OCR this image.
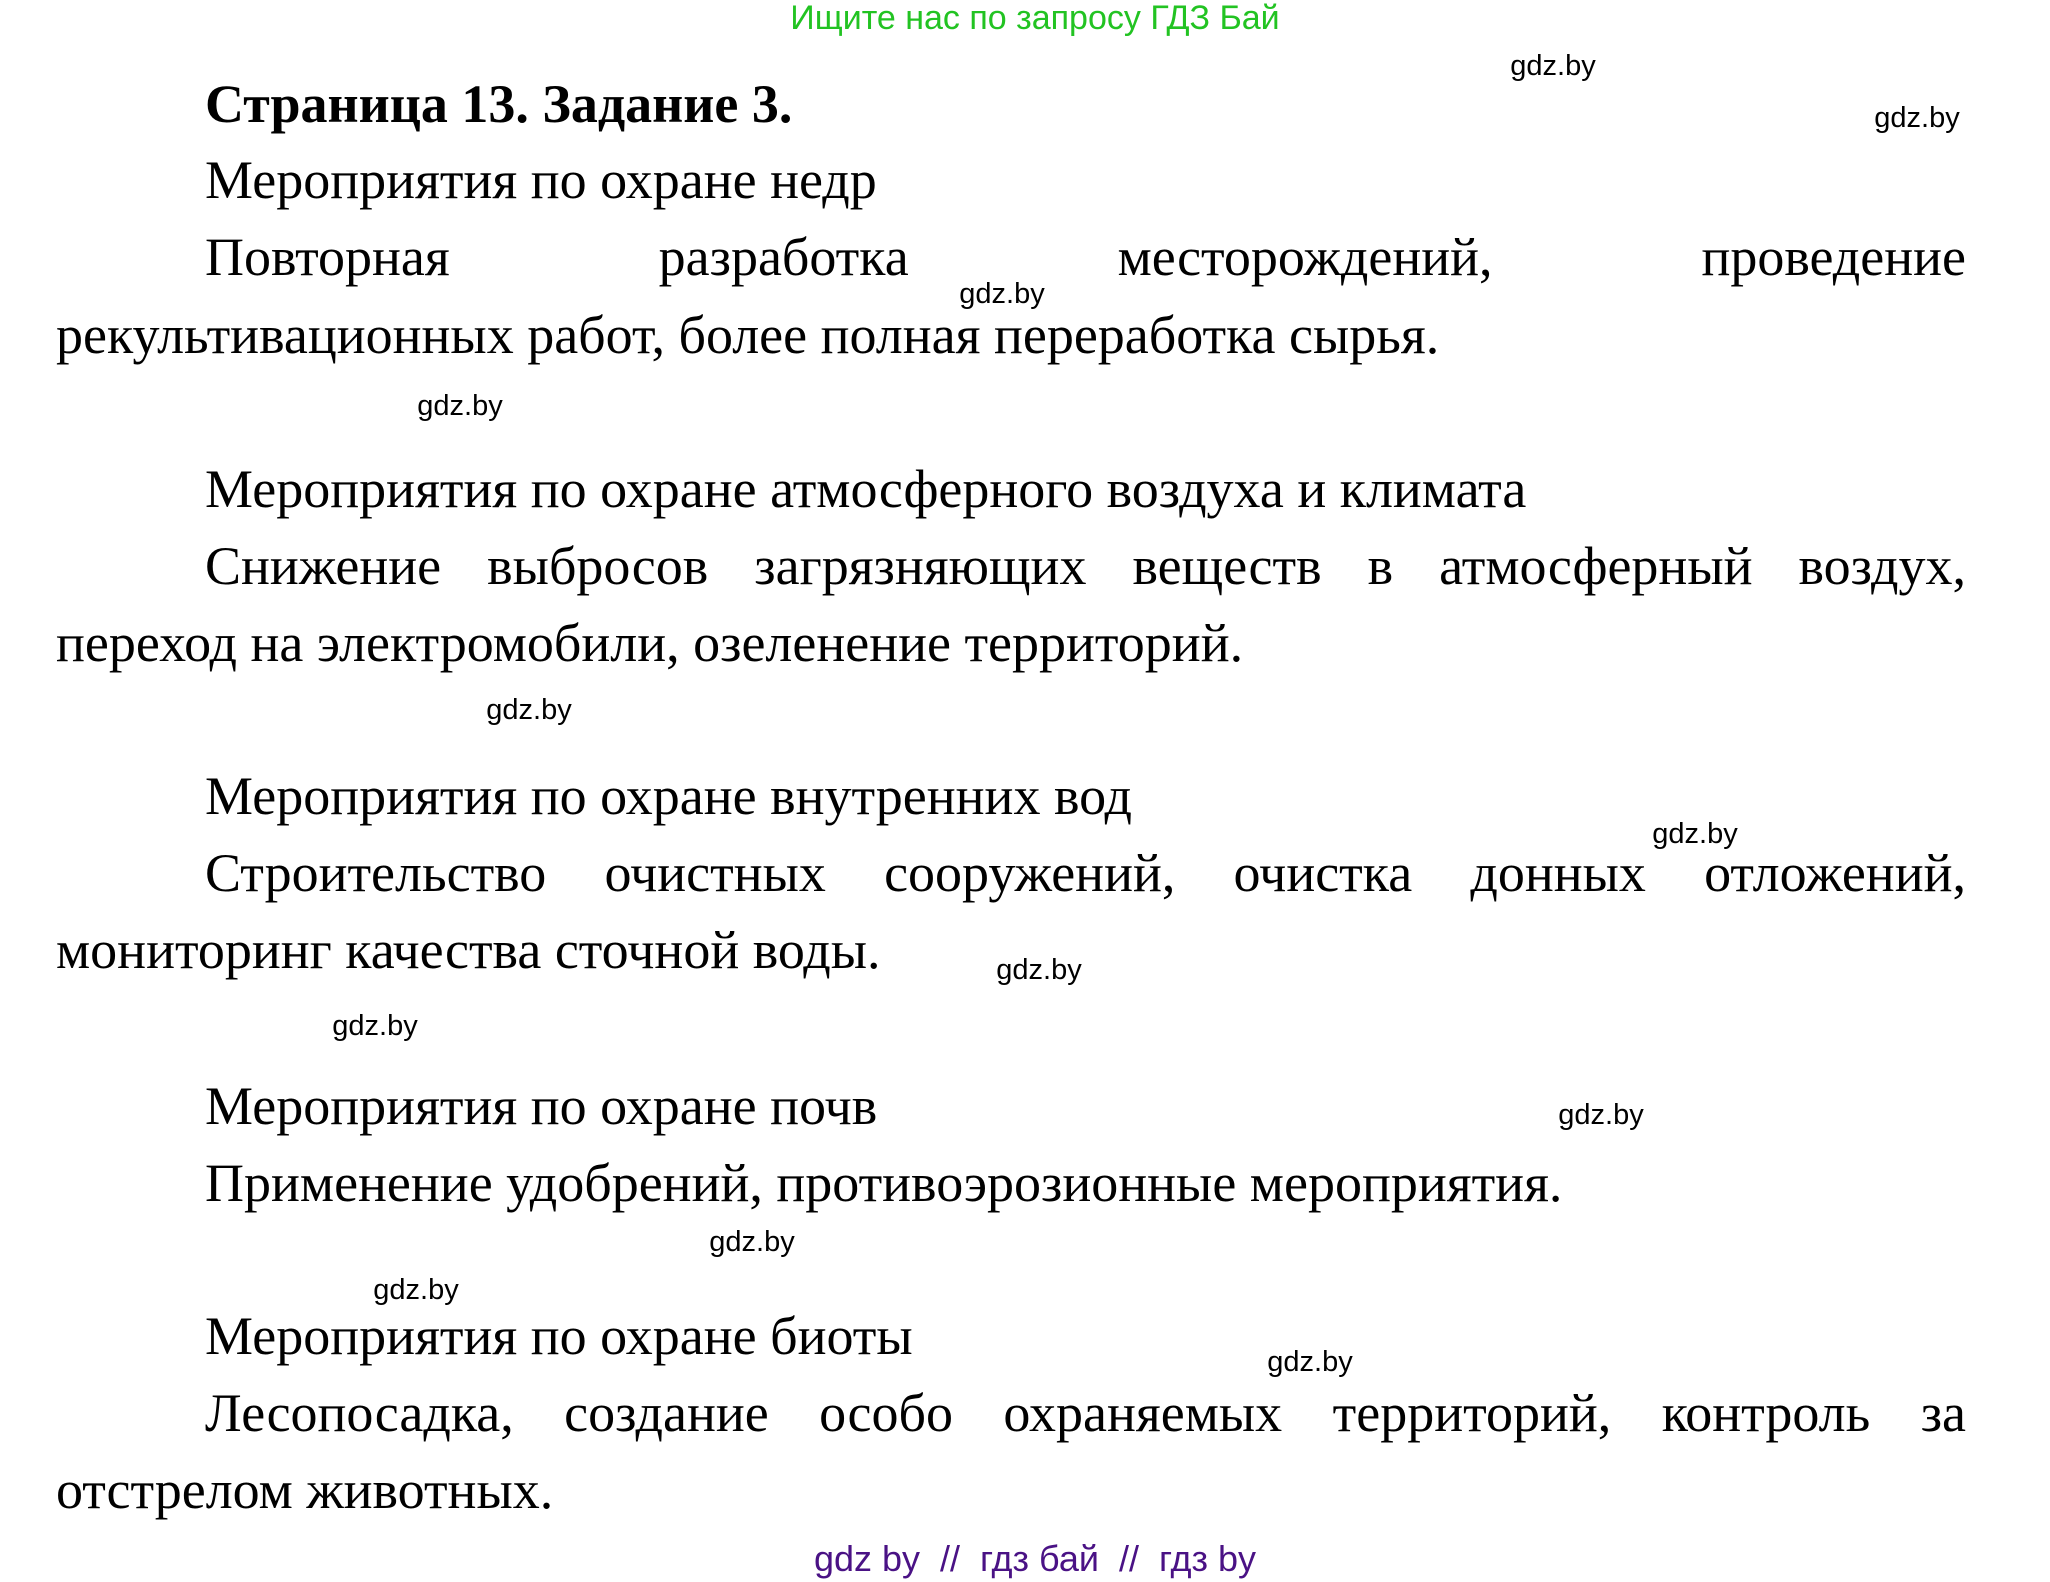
Ищите нас по запросу ГДЗ Бай
Страница 13. Задание 3.
Мероприятия по охране недр
Повторная разработка месторождений, проведение
рекультивационных работ, более полная переработка сырья.
Мероприятия по охране атмосферного воздуха и климата
Снижение выбросов загрязняющих веществ в атмосферный воздух,
переход на электромобили, озеленение территорий.
Мероприятия по охране внутренних вод
Строительство очистных сооружений, очистка донных отложений,
мониторинг качества сточной воды.
Мероприятия по охране почв
Применение удобрений, противоэрозионные мероприятия.
Мероприятия по охране биоты
Лесопосадка, создание особо охраняемых территорий, контроль за
отстрелом животных.
gdz.by
gdz.by
gdz.by
gdz.by
gdz.by
gdz.by
gdz.by
gdz.by
gdz.by
gdz.by
gdz.by
gdz.by
gdz by  //  гдз бай  //  гдз by
